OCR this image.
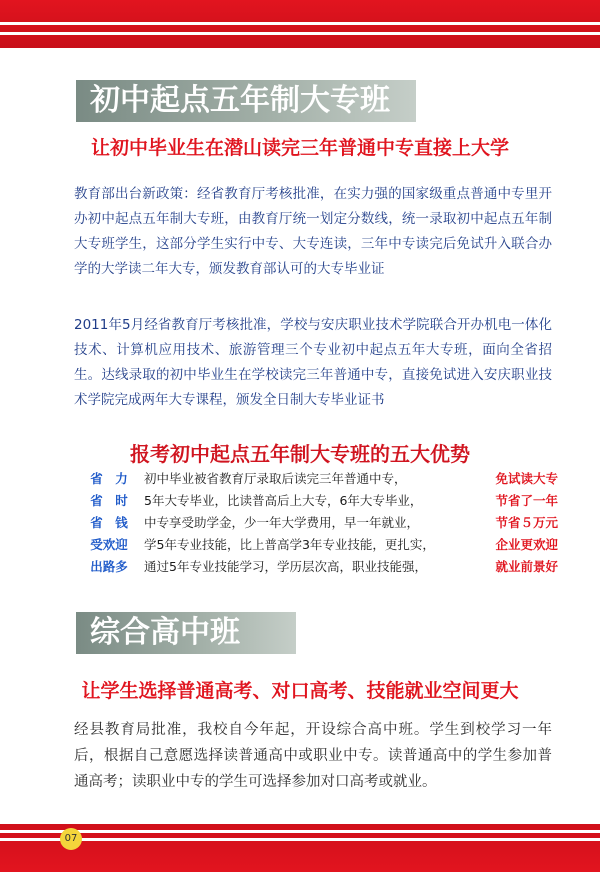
初中起点五年制大专班
让初中毕业生在潜山读完三年普通中专直接上大学
教育部出台新政策：经省教育厅考核批准，在实力强的国家级重点普通中专里开办初中起点五年制大专班，由教育厅统一划定分数线，统一录取初中起点五年制大专班学生，这部分学生实行中专、大专连读，三年中专读完后免试升入联合办学的大学读二年大专，颁发教育部认可的大专毕业证
2011年5月经省教育厅考核批准，学校与安庆职业技术学院联合开办机电一体化技术、计算机应用技术、旅游管理三个专业初中起点五年大专班，面向全省招生。达线录取的初中毕业生在学校读完三年普通中专，直接免试进入安庆职业技术学院完成两年大专课程，颁发全日制大专毕业证书
报考初中起点五年制大专班的五大优势
省　力	初中毕业被省教育厅录取后读完三年普通中专，	免试读大专
省　时	5年大专毕业，比读普高后上大专，6年大专毕业，	节省了一年
省　钱	中专享受助学金，少一年大学费用，早一年就业，	节省５万元
受欢迎	学5年专业技能，比上普高学3年专业技能，更扎实，	企业更欢迎
出路多	通过5年专业技能学习，学历层次高，职业技能强，	就业前景好
综合高中班
让学生选择普通高考、对口高考、技能就业空间更大
经县教育局批准，我校自今年起，开设综合高中班。学生到校学习一年后，根据自己意愿选择读普通高中或职业中专。读普通高中的学生参加普通高考；读职业中专的学生可选择参加对口高考或就业。
07
